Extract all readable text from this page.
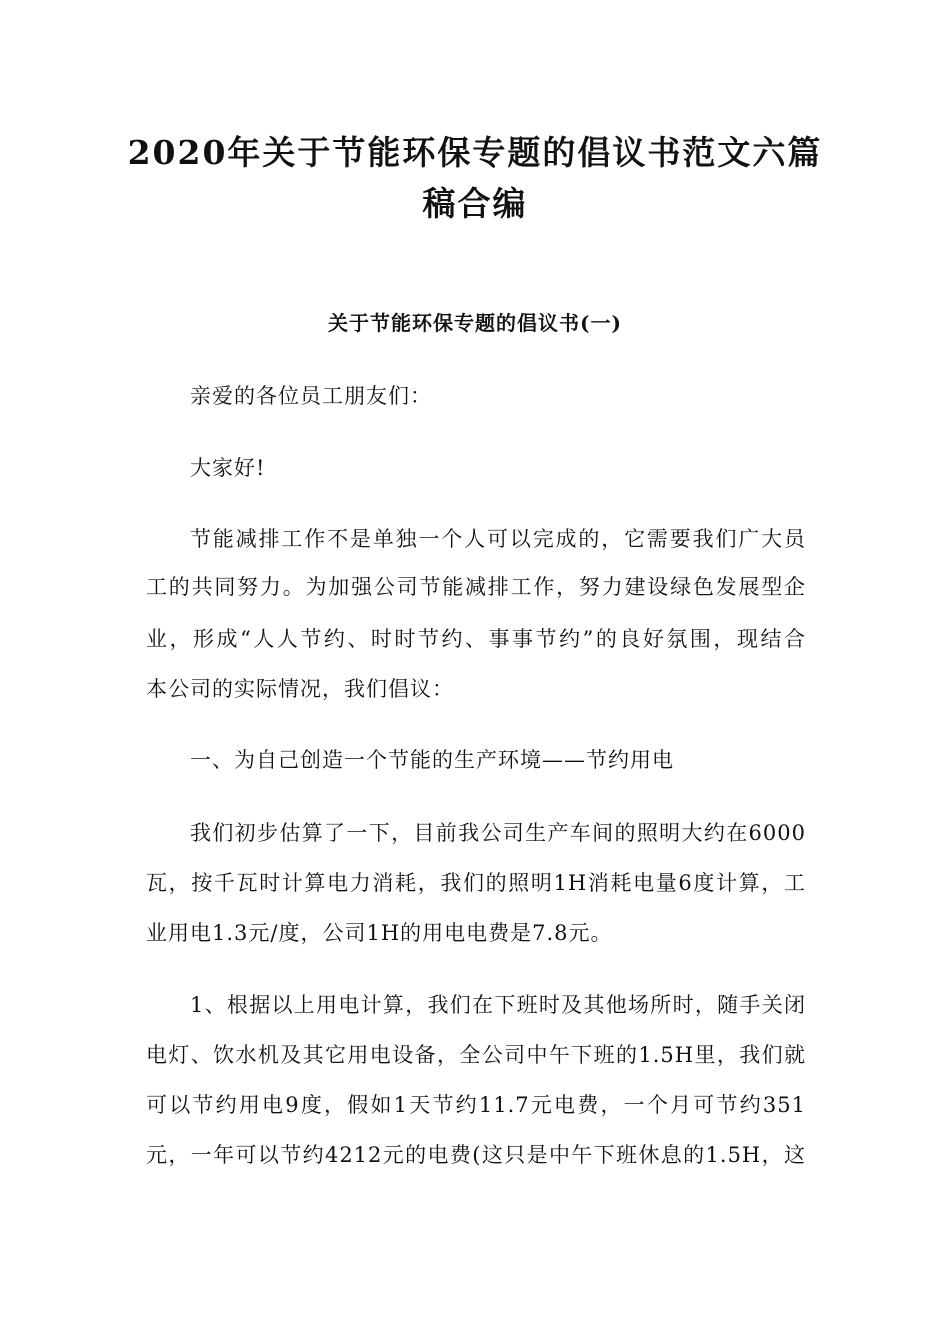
2020年关于节能环保专题的倡议书范文六篇
稿合编
关于节能环保专题的倡议书(一)
亲爱的各位员工朋友们：
大家好!
节能减排工作不是单独一个人可以完成的，它需要我们广大员
工的共同努力。为加强公司节能减排工作，努力建设绿色发展型企
业，形成“人人节约、时时节约、事事节约”的良好氛围，现结合
本公司的实际情况，我们倡议：
一、为自己创造一个节能的生产环境——节约用电
我们初步估算了一下，目前我公司生产车间的照明大约在6000
瓦，按千瓦时计算电力消耗，我们的照明1H消耗电量6度计算，工
业用电1.3元/度，公司1H的用电电费是7.8元。
1、根据以上用电计算，我们在下班时及其他场所时，随手关闭
电灯、饮水机及其它用电设备，全公司中午下班的1.5H里，我们就
可以节约用电9度，假如1天节约11.7元电费，一个月可节约351
元，一年可以节约4212元的电费(这只是中午下班休息的1.5H，这
